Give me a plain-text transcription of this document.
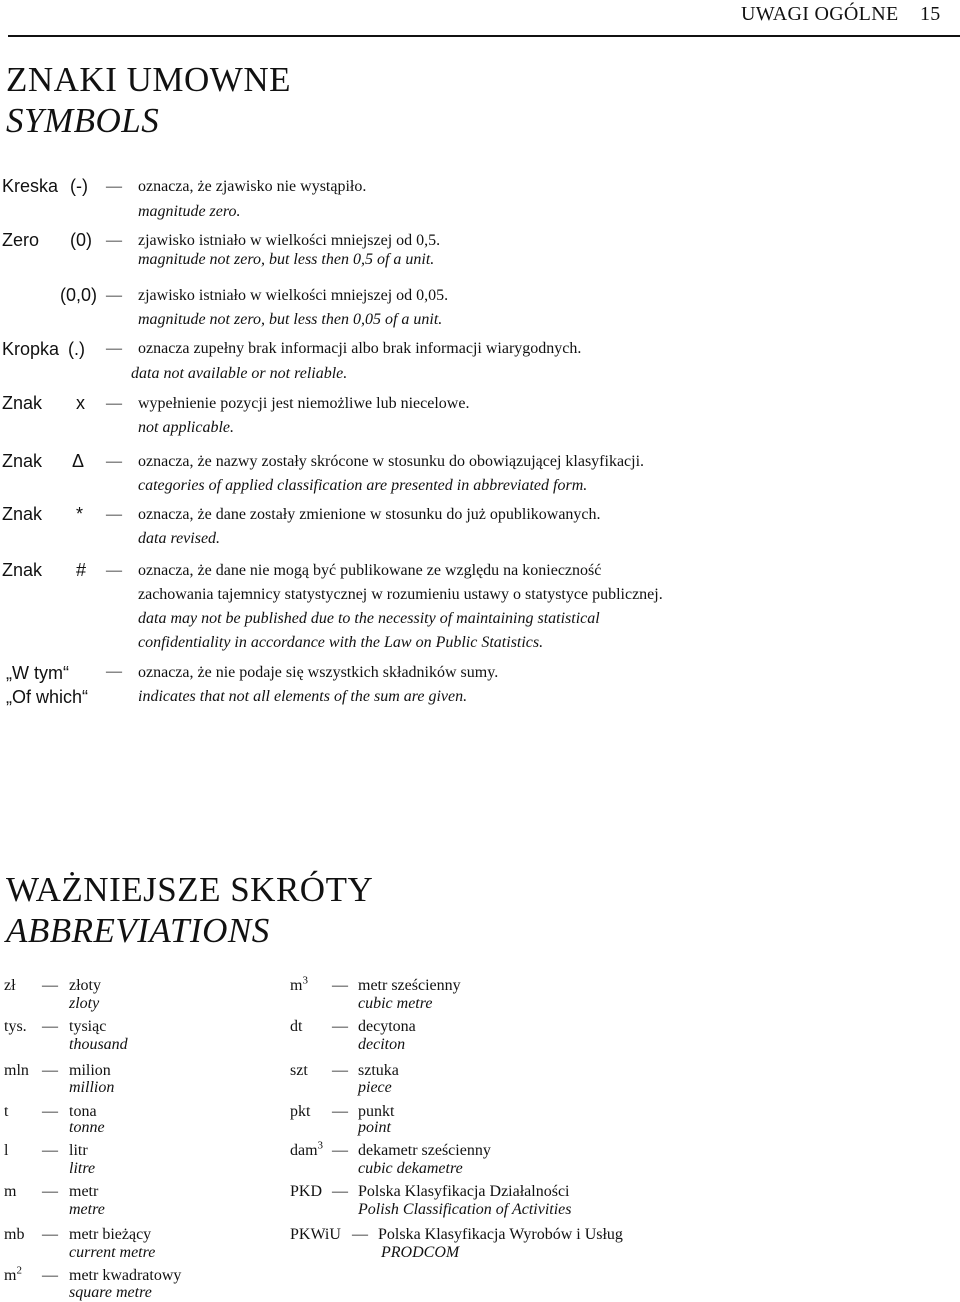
UWAGI OGÓLNE 15
ZNAKI UMOWNE
SYMBOLS
Kreska (-) — oznacza, że zjawisko nie wystąpiło.
magnitude zero.
Zero (0) — zjawisko istniało w wielkości mniejszej od 0,5.
magnitude not zero, but less then 0,5 of a unit.
(0,0) — zjawisko istniało w wielkości mniejszej od 0,05.
magnitude not zero, but less then 0,05 of a unit.
Kropka (.) — oznacza zupełny brak informacji albo brak informacji wiarygodnych.
data not available or not reliable.
Znak x — wypełnienie pozycji jest niemożliwe lub niecelowe.
not applicable.
Znak Δ — oznacza, że nazwy zostały skrócone w stosunku do obowiązującej klasyfikacji.
categories of applied classification are presented in abbreviated form.
Znak * — oznacza, że dane zostały zmienione w stosunku do już opublikowanych.
data revised.
Znak # — oznacza, że dane nie mogą być publikowane ze względu na konieczność
zachowania tajemnicy statystycznej w rozumieniu ustawy o statystyce publicznej.
data may not be published due to the necessity of maintaining statistical
confidentiality in accordance with the Law on Public Statistics.
„W tym“
„Of which“
— oznacza, że nie podaje się wszystkich składników sumy.
indicates that not all elements of the sum are given.
WAŻNIEJSZE SKRÓTY
ABBREVIATIONS
zł — złoty
zloty
tys. — tysiąc
thousand
mln — milion
million
t — tona
tonne
l — litr
litre
m — metr
metre
mb — metr bieżący
current metre
$m^2$ — metr kwadratowy
square metre
$m^3$ — metr sześcienny
cubic metre
dt — decytona
deciton
szt — sztuka
piece
pkt — punkt
point
dam$^3$ — dekametr sześcienny
cubic dekametre
PKD — Polska Klasyfikacja Działalności
Polish Classification of Activities
PKWiU — Polska Klasyfikacja Wyrobów i Usług
PRODCOM
